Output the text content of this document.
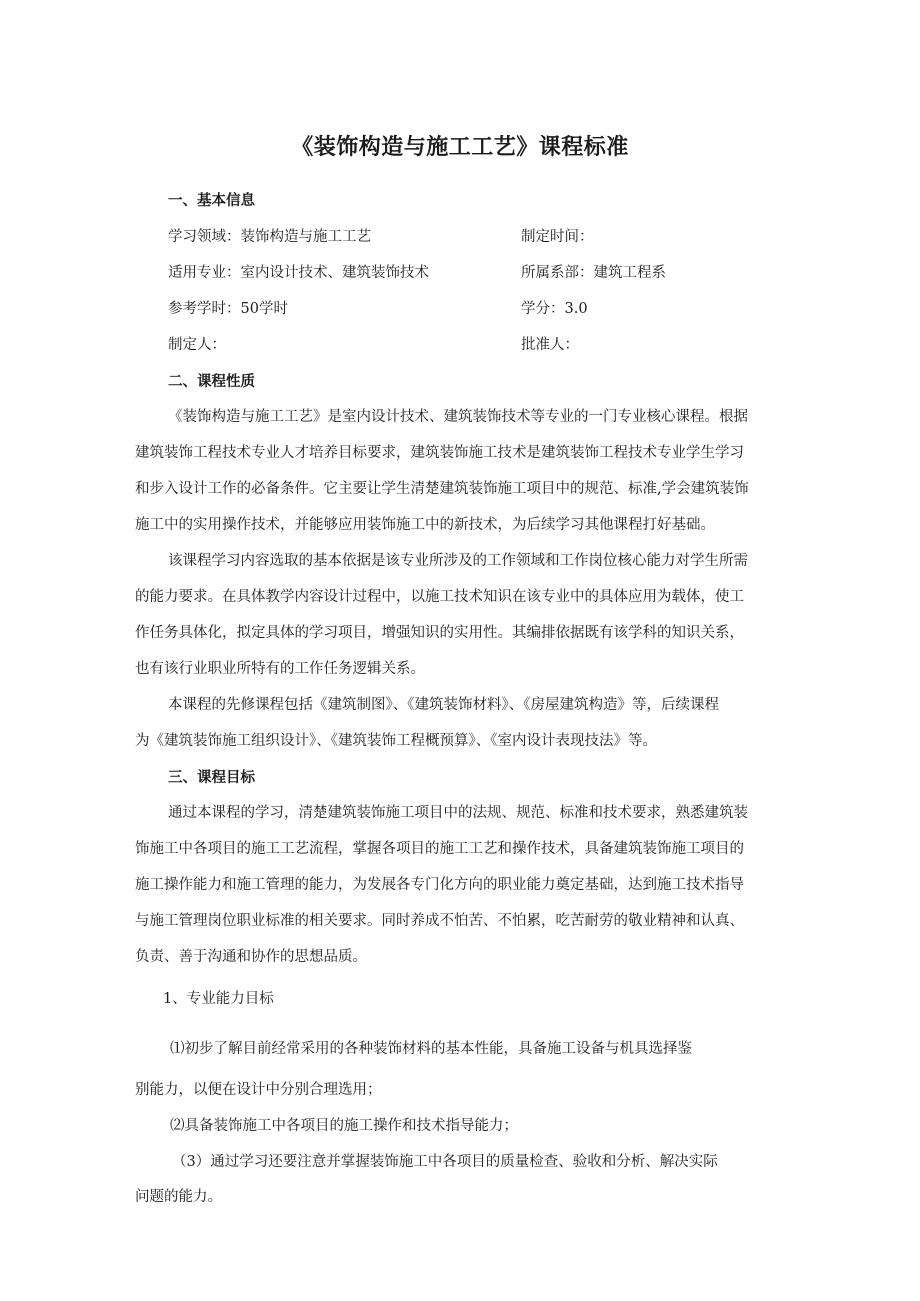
《装饰构造与施工工艺》课程标准
一、基本信息
学习领域：装饰构造与施工工艺	制定时间：
适用专业：室内设计技术、建筑装饰技术	所属系部：建筑工程系
参考学时：50学时	学分：3.0
制定人：	批准人：
二、课程性质
《装饰构造与施工工艺》是室内设计技术、建筑装饰技术等专业的一门专业核心课程。根据
建筑装饰工程技术专业人才培养目标要求，建筑装饰施工技术是建筑装饰工程技术专业学生学习
和步入设计工作的必备条件。它主要让学生清楚建筑装饰施工项目中的规范、标准,学会建筑装饰
施工中的实用操作技术，并能够应用装饰施工中的新技术，为后续学习其他课程打好基础。
该课程学习内容选取的基本依据是该专业所涉及的工作领域和工作岗位核心能力对学生所需
的能力要求。在具体教学内容设计过程中，以施工技术知识在该专业中的具体应用为载体，使工
作任务具体化，拟定具体的学习项目，增强知识的实用性。其编排依据既有该学科的知识关系，
也有该行业职业所特有的工作任务逻辑关系。
本课程的先修课程包括《建筑制图》、《建筑装饰材料》、《房屋建筑构造》等，后续课程
为《建筑装饰施工组织设计》、《建筑装饰工程概预算》、《室内设计表现技法》等。
三、课程目标
通过本课程的学习，清楚建筑装饰施工项目中的法规、规范、标准和技术要求，熟悉建筑装
饰施工中各项目的施工工艺流程，掌握各项目的施工工艺和操作技术，具备建筑装饰施工项目的
施工操作能力和施工管理的能力，为发展各专门化方向的职业能力奠定基础，达到施工技术指导
与施工管理岗位职业标准的相关要求。同时养成不怕苦、不怕累，吃苦耐劳的敬业精神和认真、
负责、善于沟通和协作的思想品质。
1、专业能力目标
⑴初步了解目前经常采用的各种装饰材料的基本性能，具备施工设备与机具选择鉴
别能力，以便在设计中分别合理选用；
⑵具备装饰施工中各项目的施工操作和技术指导能力；
（3）通过学习还要注意并掌握装饰施工中各项目的质量检查、验收和分析、解决实际
问题的能力。
